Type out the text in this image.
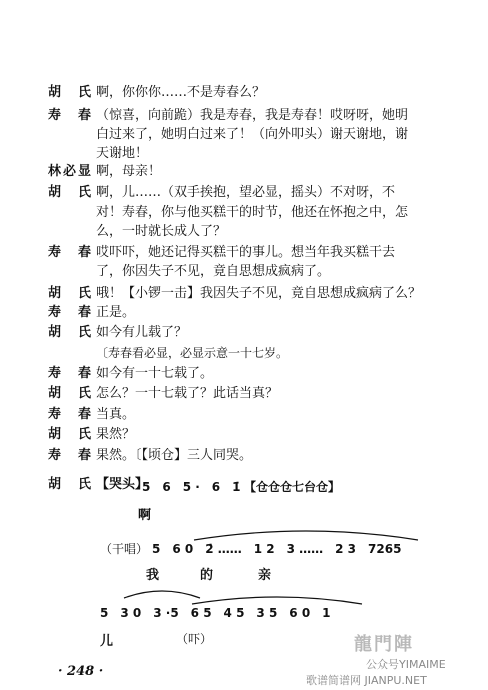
胡　氏 啊，你你你……不是寿春么？
寿　春 （惊喜，向前跪）我是寿春，我是寿春！哎呀呀，她明
白过来了，她明白过来了！（向外叩头）谢天谢地，谢
天谢地！
林必显 啊，母亲！
胡　氏 啊，儿……（双手挨抱，望必显，摇头）不对呀，不
对！寿春，你与他买糕干的时节，他还在怀抱之中，怎
么，一时就长成人了？
寿　春 哎吓吓，她还记得买糕干的事儿。想当年我买糕干去
了，你因失子不见，竟自思想成疯病了。
胡　氏 哦！【小锣一击】我因失子不见，竟自思想成疯病了么？
寿　春 正是。
胡　氏 如今有儿载了？
〔寿春看必显，必显示意一十七岁。
寿　春 如今有一十七载了。
胡　氏 怎么？一十七载了？此话当真？
寿　春 当真。
胡　氏 果然？
寿　春 果然。〔【顷仓】三人同哭。
胡　氏 【哭头】
5　6　5 ·　6　1̇ 【仓仓仓七台仓】
啊
（干唱） 5　6 0　2̇ ……　1 2　3 ……　2 3　7265
我	的	亲
5　3 0　3 ·5　6 5　4 5　3 5　6 0　1
儿	（吓）
· 248 ·
龍門陣
公众号YIMAIME
歌谱简谱网 JIANPU.NET
